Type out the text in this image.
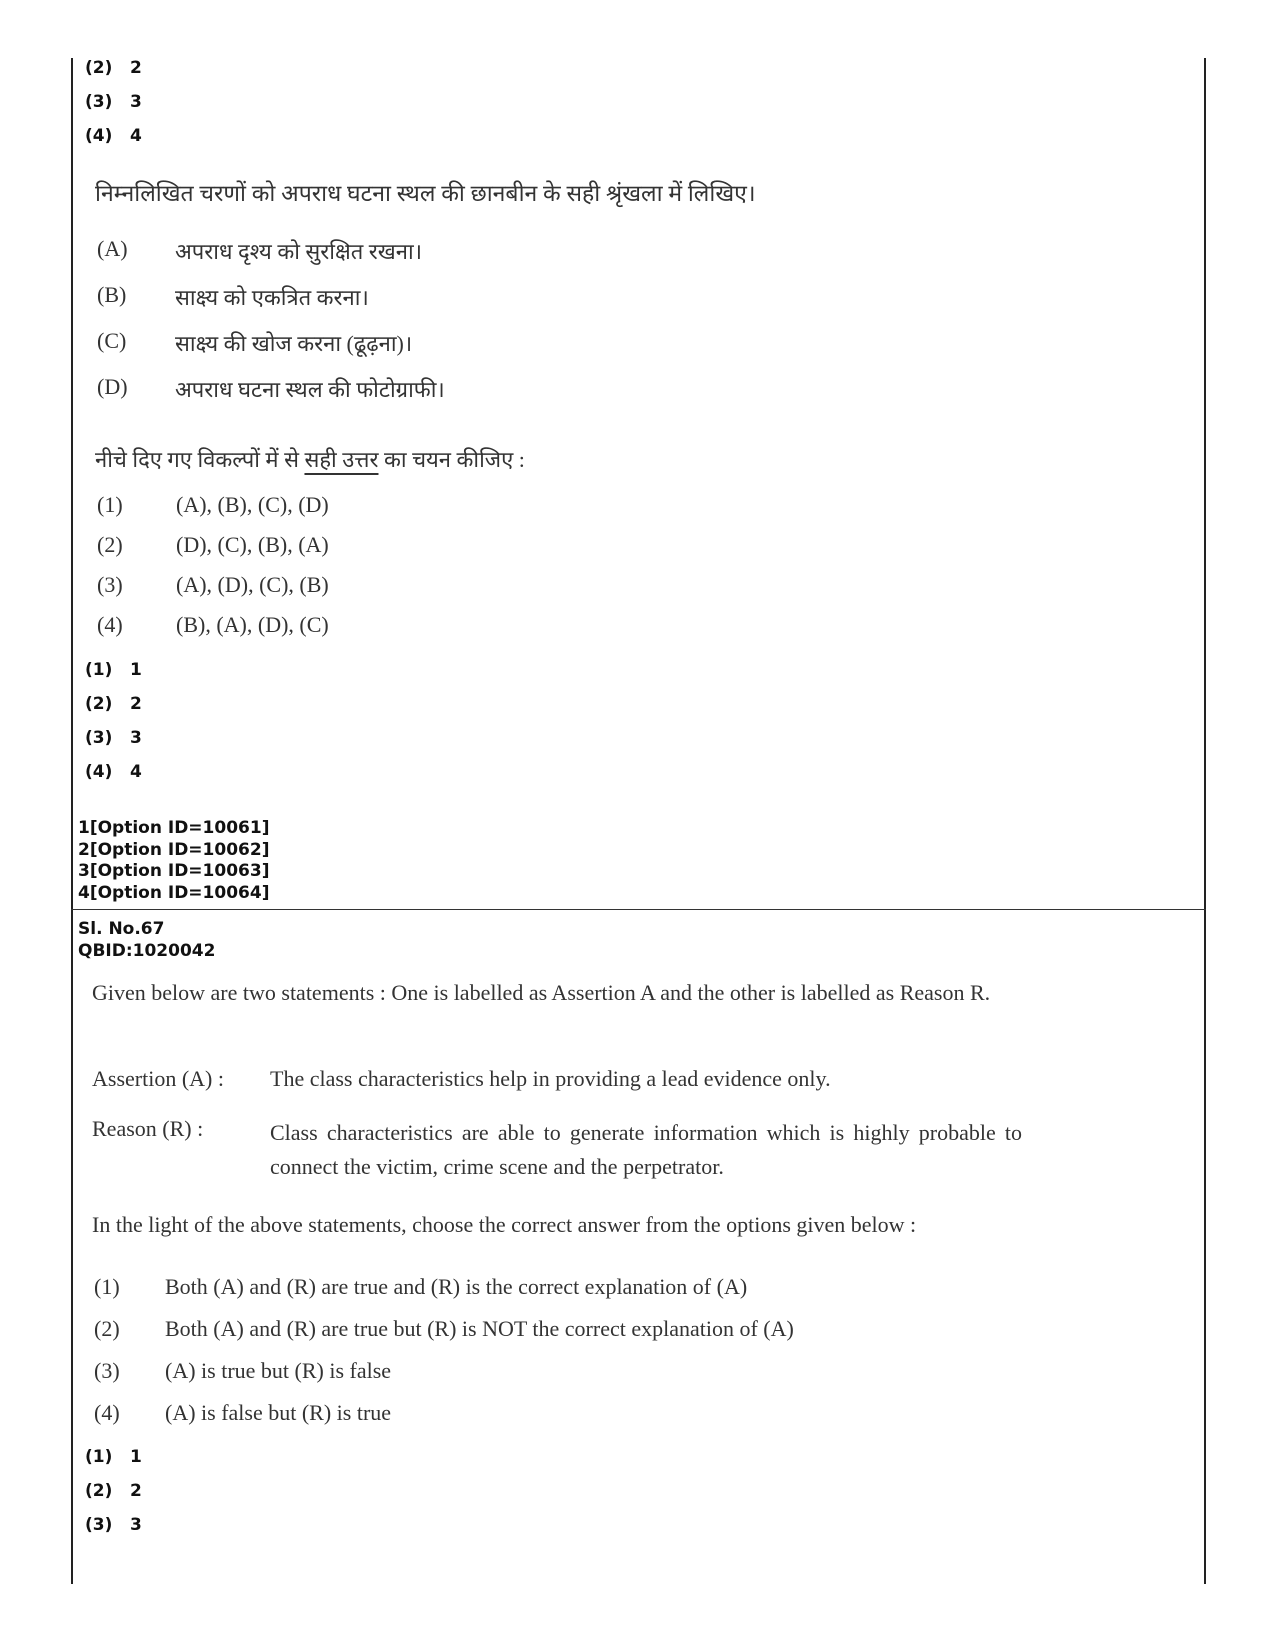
(2) 2
(3) 3
(4) 4
निम्नलिखित चरणों को अपराध घटना स्थल की छानबीन के सही श्रृंखला में लिखिए।
(A) अपराध दृश्य को सुरक्षित रखना।
(B) साक्ष्य को एकत्रित करना।
(C) साक्ष्य की खोज करना (ढूढ़ना)।
(D) अपराध घटना स्थल की फोटोग्राफी।
नीचे दिए गए विकल्पों में से सही उत्तर का चयन कीजिए :
(1) (A), (B), (C), (D)
(2) (D), (C), (B), (A)
(3) (A), (D), (C), (B)
(4) (B), (A), (D), (C)
(1) 1
(2) 2
(3) 3
(4) 4
1[Option ID=10061]
2[Option ID=10062]
3[Option ID=10063]
4[Option ID=10064]
Sl. No.67
QBID:1020042
Given below are two statements : One is labelled as Assertion A and the other is labelled as Reason R.
Assertion (A) : The class characteristics help in providing a lead evidence only.
Reason (R) :	Class characteristics are able to generate information which is highly probable to connect the victim, crime scene and the perpetrator.
In the light of the above statements, choose the correct answer from the options given below :
(1) Both (A) and (R) are true and (R) is the correct explanation of (A)
(2) Both (A) and (R) are true but (R) is NOT the correct explanation of (A)
(3) (A) is true but (R) is false
(4) (A) is false but (R) is true
(1) 1
(2) 2
(3) 3
